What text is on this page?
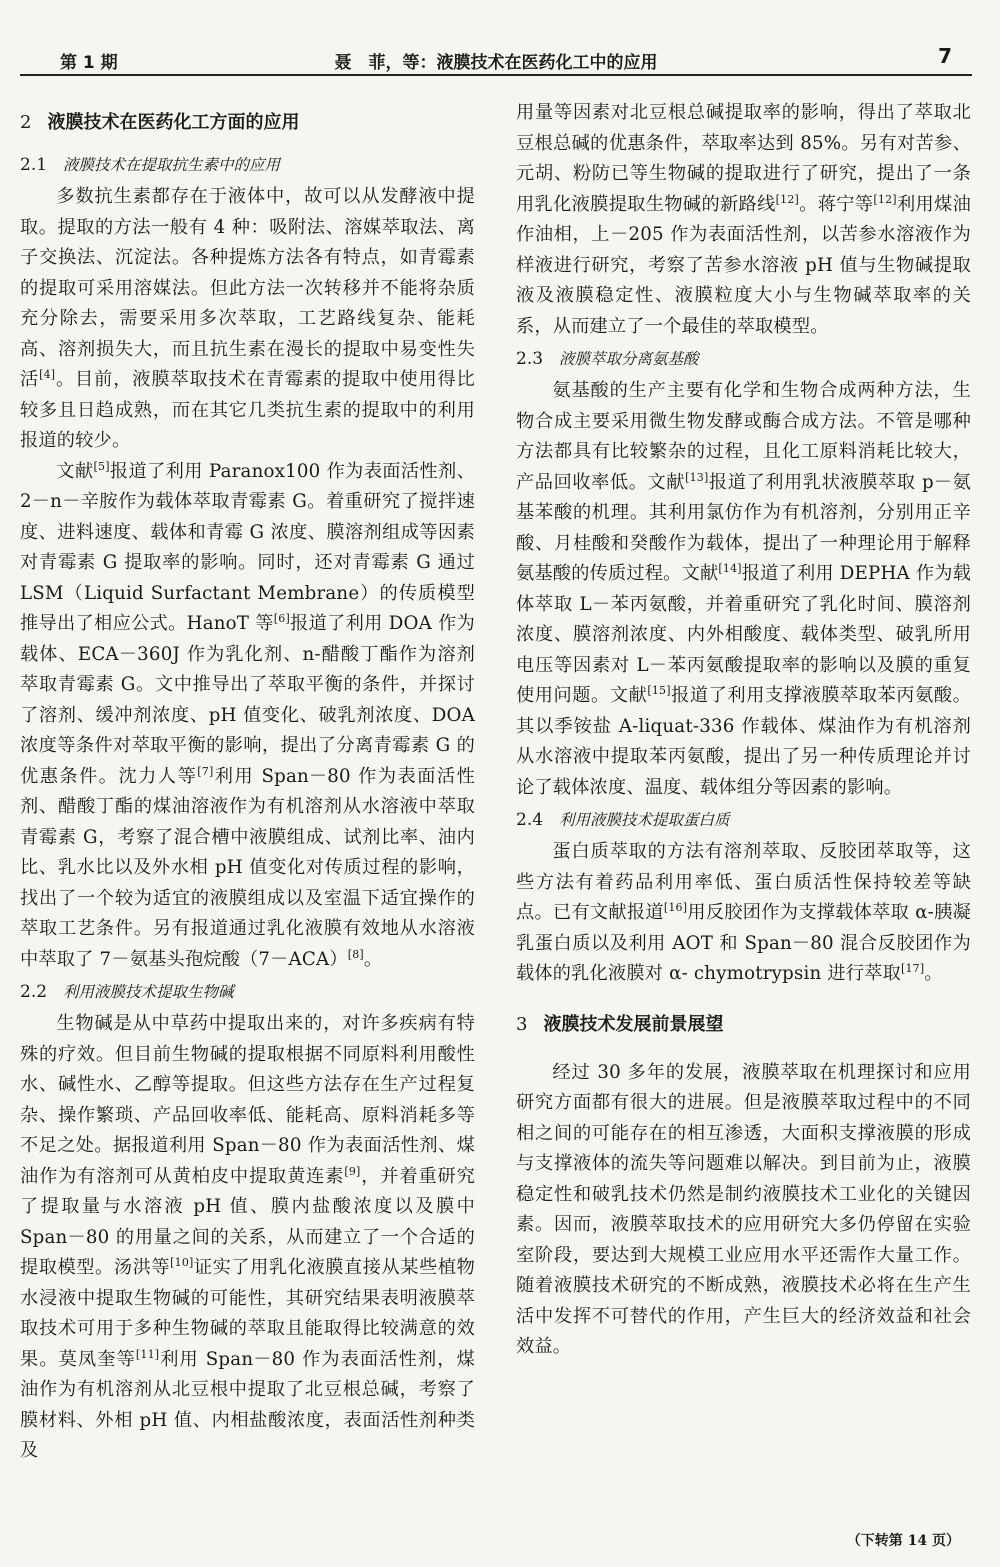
第 1 期	聂　菲，等：液膜技术在医药化工中的应用	7
2 液膜技术在医药化工方面的应用
2.1 液膜技术在提取抗生素中的应用

多数抗生素都存在于液体中，故可以从发酵液中提取。提取的方法一般有 4 种：吸附法、溶媒萃取法、离子交换法、沉淀法。各种提炼方法各有特点，如青霉素的提取可采用溶媒法。但此方法一次转移并不能将杂质充分除去，需要采用多次萃取，工艺路线复杂、能耗高、溶剂损失大，而且抗生素在漫长的提取中易变性失活[4]。目前，液膜萃取技术在青霉素的提取中使用得比较多且日趋成熟，而在其它几类抗生素的提取中的利用报道的较少。

文献[5]报道了利用 Paranox100 作为表面活性剂、2－n－辛胺作为载体萃取青霉素 G。着重研究了搅拌速度、进料速度、载体和青霉 G 浓度、膜溶剂组成等因素对青霉素 G 提取率的影响。同时，还对青霉素 G 通过 LSM（Liquid Surfactant Membrane）的传质模型推导出了相应公式。HanoT 等[6]报道了利用 DOA 作为载体、ECA－360J 作为乳化剂、n-醋酸丁酯作为溶剂萃取青霉素 G。文中推导出了萃取平衡的条件，并探讨了溶剂、缓冲剂浓度、pH 值变化、破乳剂浓度、DOA 浓度等条件对萃取平衡的影响，提出了分离青霉素 G 的优惠条件。沈力人等[7]利用 Span－80 作为表面活性剂、醋酸丁酯的煤油溶液作为有机溶剂从水溶液中萃取青霉素 G，考察了混合槽中液膜组成、试剂比率、油内比、乳水比以及外水相 pH 值变化对传质过程的影响，找出了一个较为适宜的液膜组成以及室温下适宜操作的萃取工艺条件。另有报道通过乳化液膜有效地从水溶液中萃取了 7－氨基头孢烷酸（7－ACA）[8]。

2.2 利用液膜技术提取生物碱

生物碱是从中草药中提取出来的，对许多疾病有特殊的疗效。但目前生物碱的提取根据不同原料利用酸性水、碱性水、乙醇等提取。但这些方法存在生产过程复杂、操作繁琐、产品回收率低、能耗高、原料消耗多等不足之处。据报道利用 Span－80 作为表面活性剂、煤油作为有溶剂可从黄柏皮中提取黄连素[9]，并着重研究了提取量与水溶液 pH 值、膜内盐酸浓度以及膜中 Span－80 的用量之间的关系，从而建立了一个合适的提取模型。汤洪等[10]证实了用乳化液膜直接从某些植物水浸液中提取生物碱的可能性，其研究结果表明液膜萃取技术可用于多种生物碱的萃取且能取得比较满意的效果。莫凤奎等[11]利用 Span－80 作为表面活性剂，煤油作为有机溶剂从北豆根中提取了北豆根总碱，考察了膜材料、外相 pH 值、内相盐酸浓度，表面活性剂种类及

用量等因素对北豆根总碱提取率的影响，得出了萃取北豆根总碱的优惠条件，萃取率达到 85%。另有对苦参、元胡、粉防已等生物碱的提取进行了研究，提出了一条用乳化液膜提取生物碱的新路线[12]。蒋宁等[12]利用煤油作油相，上－205 作为表面活性剂，以苦参水溶液作为样液进行研究，考察了苦参水溶液 pH 值与生物碱提取液及液膜稳定性、液膜粒度大小与生物碱萃取率的关系，从而建立了一个最佳的萃取模型。

2.3 液膜萃取分离氨基酸

氨基酸的生产主要有化学和生物合成两种方法，生物合成主要采用微生物发酵或酶合成方法。不管是哪种方法都具有比较繁杂的过程，且化工原料消耗比较大，产品回收率低。文献[13]报道了利用乳状液膜萃取 p－氨基苯酸的机理。其利用氯仿作为有机溶剂，分别用正辛酸、月桂酸和癸酸作为载体，提出了一种理论用于解释氨基酸的传质过程。文献[14]报道了利用 DEPHA 作为载体萃取 L－苯丙氨酸，并着重研究了乳化时间、膜溶剂浓度、膜溶剂浓度、内外相酸度、载体类型、破乳所用电压等因素对 L－苯丙氨酸提取率的影响以及膜的重复使用问题。文献[15]报道了利用支撑液膜萃取苯丙氨酸。其以季铵盐 A-liquat-336 作载体、煤油作为有机溶剂从水溶液中提取苯丙氨酸，提出了另一种传质理论并讨论了载体浓度、温度、载体组分等因素的影响。

2.4 利用液膜技术提取蛋白质

蛋白质萃取的方法有溶剂萃取、反胶团萃取等，这些方法有着药品利用率低、蛋白质活性保持较差等缺点。已有文献报道[16]用反胶团作为支撑载体萃取 α-胰凝乳蛋白质以及利用 AOT 和 Span－80 混合反胶团作为载体的乳化液膜对 α- chymotrypsin 进行萃取[17]。

3 液膜技术发展前景展望

经过 30 多年的发展，液膜萃取在机理探讨和应用研究方面都有很大的进展。但是液膜萃取过程中的不同相之间的可能存在的相互渗透，大面积支撑液膜的形成与支撑液体的流失等问题难以解决。到目前为止，液膜稳定性和破乳技术仍然是制约液膜技术工业化的关键因素。因而，液膜萃取技术的应用研究大多仍停留在实验室阶段，要达到大规模工业应用水平还需作大量工作。随着液膜技术研究的不断成熟，液膜技术必将在生产生活中发挥不可替代的作用，产生巨大的经济效益和社会效益。

（下转第 14 页）
